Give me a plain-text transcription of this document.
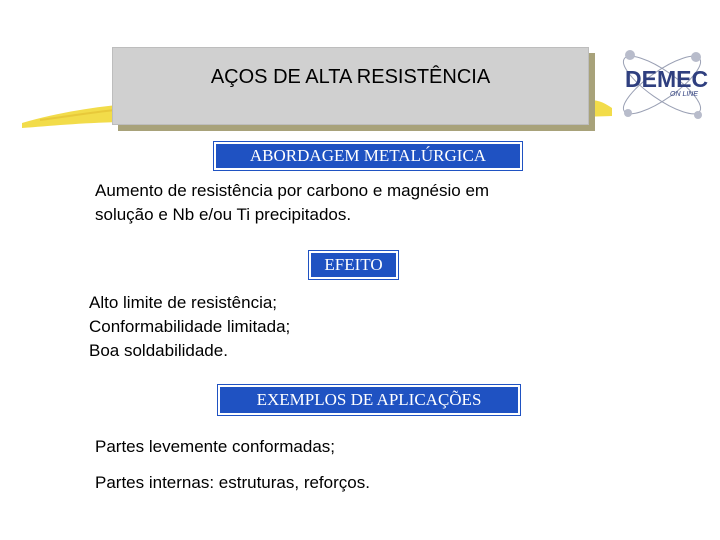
AÇOS DE ALTA RESISTÊNCIA	DEMEC
ON LINE
ABORDAGEM METALÚRGICA
Aumento de resistência por carbono e magnésio em
solução e Nb e/ou Ti precipitados.
EFEITO
Alto limite de resistência;
Conformabilidade limitada;
Boa soldabilidade.
EXEMPLOS DE APLICAÇÕES
Partes levemente conformadas;
Partes internas: estruturas, reforços.
